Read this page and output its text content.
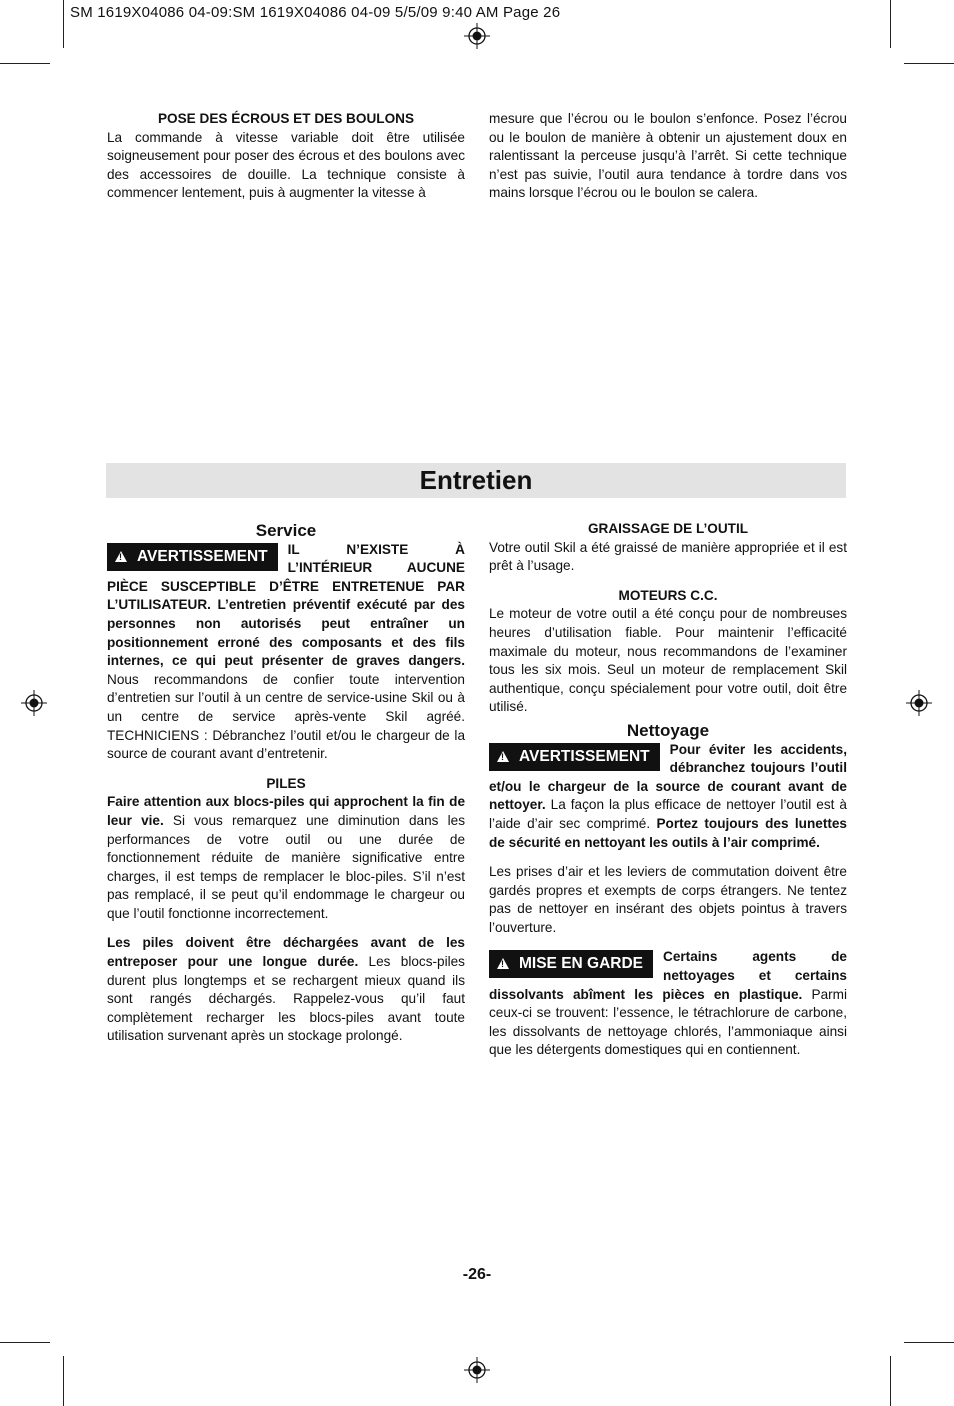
SM 1619X04086 04-09:SM 1619X04086 04-09 5/5/09 9:40 AM Page 26

POSE DES ÉCROUS ET DES BOULONS

La commande à vitesse variable doit être utilisée soigneusement pour poser des écrous et des boulons avec des accessoires de douille. La technique consiste à commencer lentement, puis à augmenter la vitesse à

mesure que l’écrou ou le boulon s’enfonce. Posez l’écrou ou le boulon de manière à obtenir un ajustement doux en ralentissant la perceuse jusqu’à l’arrêt. Si cette technique n’est pas suivie, l’outil aura tendance à tordre dans vos mains lorsque l’écrou ou le boulon se calera.

Entretien

Service

!AVERTISSEMENT	IL N’EXISTE À L’INTÉRIEUR AUCUNE PIÈCE SUSCEPTIBLE D’ÊTRE ENTRETENUE PAR L’UTILISATEUR. L’entretien préventif exécuté par des personnes non autorisés peut entraîner un positionnement erroné des composants et des fils internes, ce qui peut présenter de graves dangers. Nous recommandons de confier toute intervention d’entretien sur l’outil à un centre de service-usine Skil ou à un centre de service après-vente Skil agréé. TECHNICIENS : Débranchez l’outil et/ou le chargeur de la source de courant avant d’entretenir.

PILES

Faire attention aux blocs-piles qui approchent la fin de leur vie. Si vous remarquez une diminution dans les performances de votre outil ou une durée de fonctionnement réduite de manière significative entre charges, il est temps de remplacer le bloc-piles. S’il n’est pas remplacé, il se peut qu’il endommage le chargeur ou que l’outil fonctionne incorrectement.

Les piles doivent être déchargées avant de les entreposer pour une longue durée. Les blocs-piles durent plus longtemps et se rechargent mieux quand ils sont rangés déchargés. Rappelez-vous qu’il faut complètement recharger les blocs-piles avant toute utilisation survenant après un stockage prolongé.

GRAISSAGE DE L’OUTIL

Votre outil Skil a été graissé de manière appropriée et il est prêt à l’usage.

MOTEURS C.C.

Le moteur de votre outil a été conçu pour de nombreuses heures d’utilisation fiable. Pour maintenir l’efficacité maximale du moteur, nous recommandons de l’examiner tous les six mois. Seul un moteur de remplacement Skil authentique, conçu spécialement pour votre outil, doit être utilisé.

Nettoyage

!AVERTISSEMENT	Pour éviter les accidents, débranchez toujours l’outil et/ou le chargeur de la source de courant avant de nettoyer. La façon la plus efficace de nettoyer l’outil est à l’aide d’air sec comprimé. Portez toujours des lunettes de sécurité en nettoyant les outils à l’air comprimé.

Les prises d’air et les leviers de commutation doivent être gardés propres et exempts de corps étrangers. Ne tentez pas de nettoyer en insérant des objets pointus à travers l’ouverture.

!MISE EN GARDE	Certains agents de nettoyages et certains dissolvants abîment les pièces en plastique. Parmi ceux-ci se trouvent: l’essence, le tétrachlorure de carbone, les dissolvants de nettoyage chlorés, l’ammoniaque ainsi que les détergents domestiques qui en contiennent.

-26-
